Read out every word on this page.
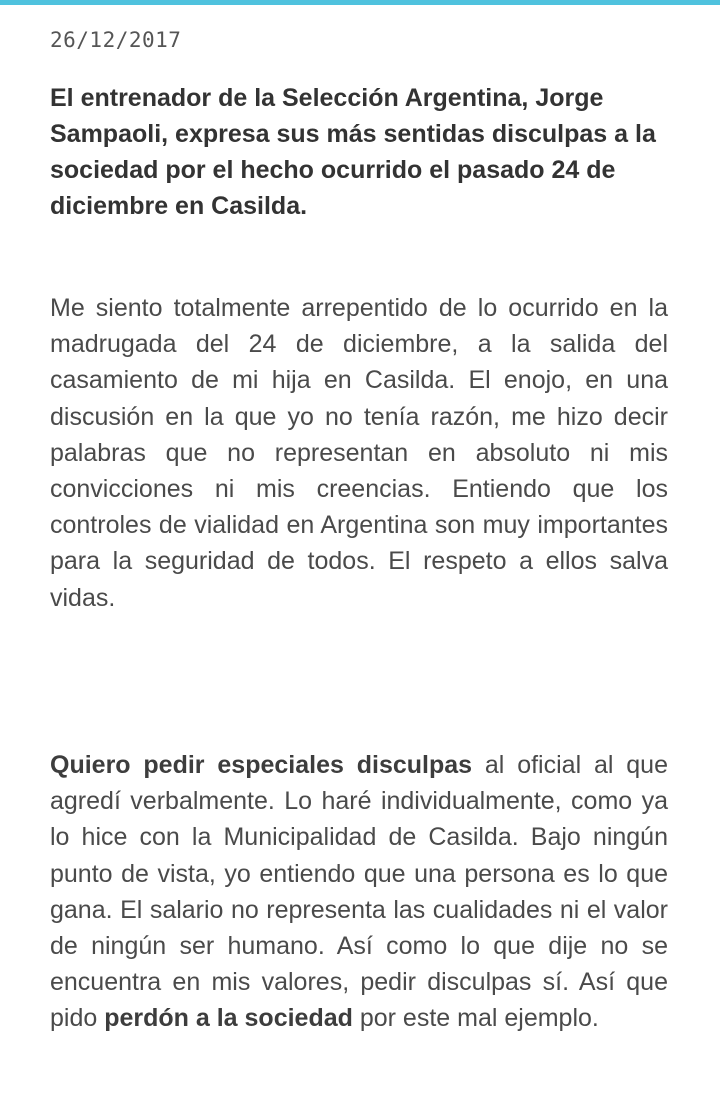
26/12/2017

El entrenador de la Selección Argentina, Jorge Sampaoli, expresa sus más sentidas disculpas a la sociedad por el hecho ocurrido el pasado 24 de diciembre en Casilda.

Me siento totalmente arrepentido de lo ocurrido en la madrugada del 24 de diciembre, a la salida del casamiento de mi hija en Casilda. El enojo, en una discusión en la que yo no tenía razón, me hizo decir palabras que no representan en absoluto ni mis convicciones ni mis creencias. Entiendo que los controles de vialidad en Argentina son muy importantes para la seguridad de todos. El respeto a ellos salva vidas.

Quiero pedir especiales disculpas al oficial al que agredí verbalmente. Lo haré individualmente, como ya lo hice con la Municipalidad de Casilda. Bajo ningún punto de vista, yo entiendo que una persona es lo que gana. El salario no representa las cualidades ni el valor de ningún ser humano. Así como lo que dije no se encuentra en mis valores, pedir disculpas sí. Así que pido perdón a la sociedad por este mal ejemplo.
